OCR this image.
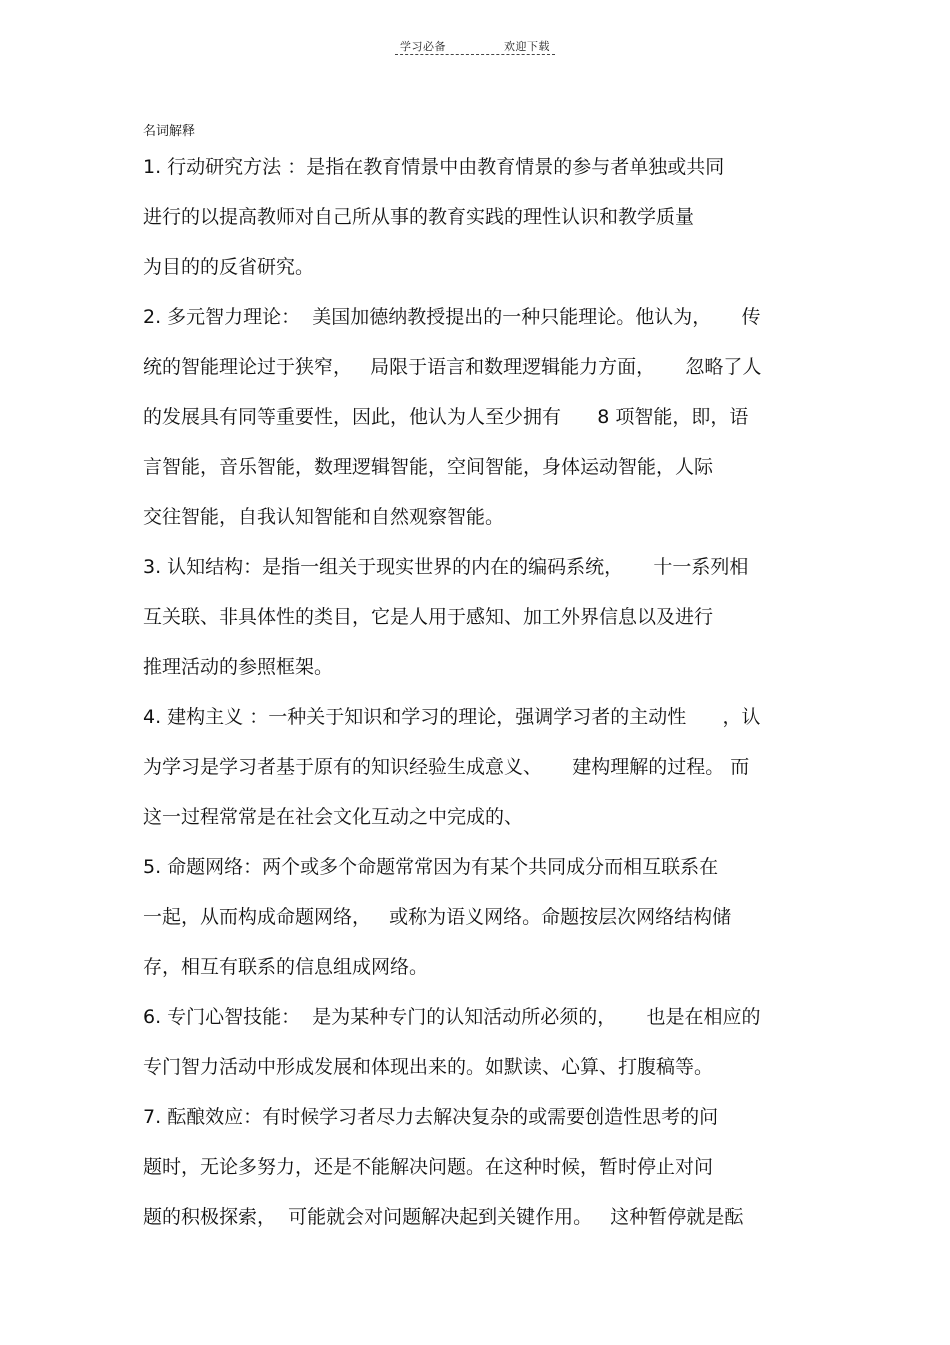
学习必备	欢迎下载
名词解释
1. 行动研究方法 ：是指在教育情景中由教育情景的参与者单独或共同
进行的以提高教师对自己所从事的教育实践的理性认识和教学质量
为目的的反省研究。
2. 多元智力理论：  美国加德纳教授提出的一种只能理论。他认为，     传
统的智能理论过于狭窄，   局限于语言和数理逻辑能力方面，     忽略了人
的发展具有同等重要性，因此，他认为人至少拥有      8 项智能，即，语
言智能，音乐智能，数理逻辑智能，空间智能，身体运动智能，人际
交往智能，自我认知智能和自然观察智能。
3. 认知结构：是指一组关于现实世界的内在的编码系统，     十一系列相
互关联、非具体性的类目，它是人用于感知、加工外界信息以及进行
推理活动的参照框架。
4. 建构主义 ：一种关于知识和学习的理论，强调学习者的主动性      ，认
为学习是学习者基于原有的知识经验生成意义、     建构理解的过程。 而
这一过程常常是在社会文化互动之中完成的、
5. 命题网络：两个或多个命题常常因为有某个共同成分而相互联系在
一起，从而构成命题网络，   或称为语义网络。命题按层次网络结构储
存，相互有联系的信息组成网络。
6. 专门心智技能：  是为某种专门的认知活动所必须的，     也是在相应的
专门智力活动中形成发展和体现出来的。如默读、心算、打腹稿等。
7. 酝酿效应：有时候学习者尽力去解决复杂的或需要创造性思考的问
题时，无论多努力，还是不能解决问题。在这种时候，暂时停止对问
题的积极探索，  可能就会对问题解决起到关键作用。   这种暂停就是酝
